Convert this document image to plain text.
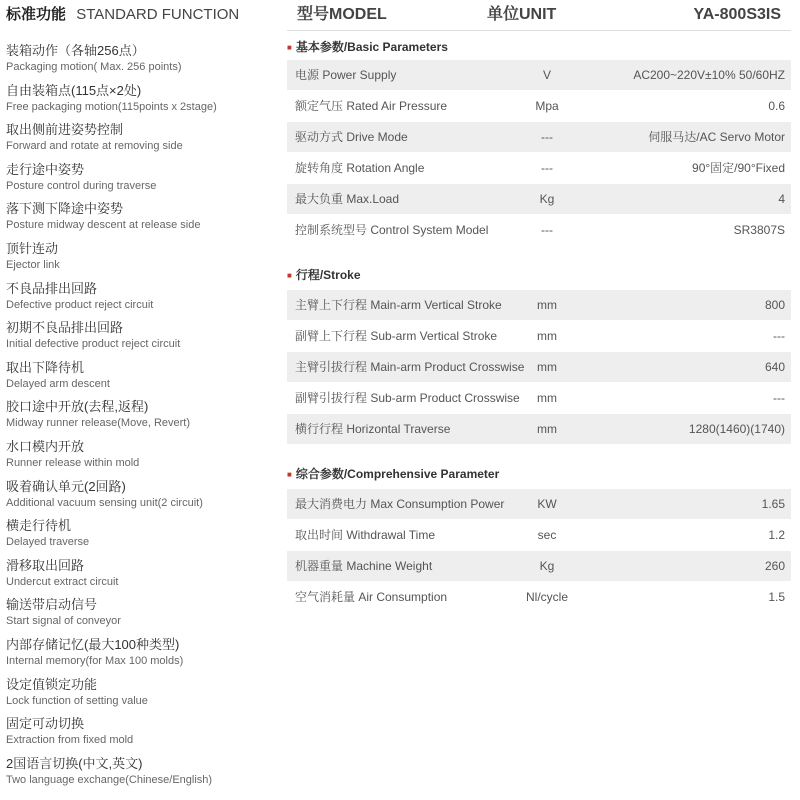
标准功能 STANDARD FUNCTION
装箱动作（各轴256点）
Packaging motion( Max. 256 points)
自由装箱点(115点×2处)
Free packaging motion(115points x 2stage)
取出侧前进姿势控制
Forward and rotate at removing side
走行途中姿势
Posture control during traverse
落下测下降途中姿势
Posture midway descent at release side
顶针连动
Ejector link
不良品排出回路
Defective product reject circuit
初期不良品排出回路
Initial defective product reject circuit
取出下降待机
Delayed arm descent
胶口途中开放(去程,返程)
Midway runner release(Move, Revert)
水口模内开放
Runner release within mold
吸着确认单元(2回路)
Additional vacuum sensing unit(2 circuit)
横走行待机
Delayed traverse
滑移取出回路
Undercut extract circuit
输送带启动信号
Start signal of conveyor
内部存储记忆(最大100种类型)
Internal memory(for Max 100 molds)
设定值锁定功能
Lock function of setting value
固定可动切换
Extraction from fixed mold
2国语言切换(中文,英文)
Two language exchange(Chinese/English)
型号MODEL	单位UNIT	YA-800S3IS
■ 基本参数/Basic Parameters
电源 Power Supply	V	AC200~220V±10% 50/60HZ
额定气压 Rated Air Pressure	Mpa	0.6
驱动方式 Drive Mode	---	伺服马达/AC Servo Motor
旋转角度 Rotation Angle	---	90°固定/90°Fixed
最大负重 Max.Load	Kg	4
控制系统型号 Control System Model	---	SR3807S
■ 行程/Stroke
主臂上下行程 Main-arm Vertical Stroke	mm	800
副臂上下行程 Sub-arm Vertical Stroke	mm	---
主臂引拔行程 Main-arm Product Crosswise	mm	640
副臂引拔行程 Sub-arm Product Crosswise	mm	---
横行行程 Horizontal Traverse	mm	1280(1460)(1740)
■ 综合参数/Comprehensive Parameter
最大消费电力 Max Consumption Power	KW	1.65
取出时间 Withdrawal Time	sec	1.2
机器重量 Machine Weight	Kg	260
空气消耗量 Air Consumption	Nl/cycle	1.5
